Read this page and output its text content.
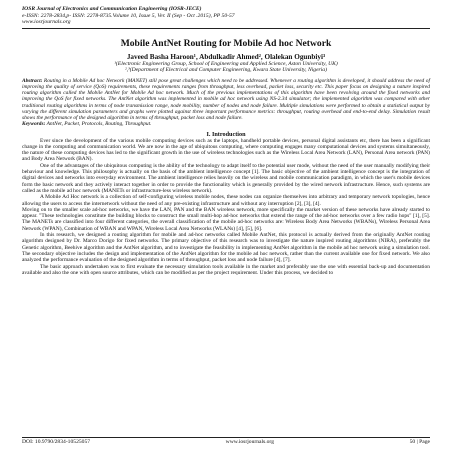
IOSR Journal of Electronics and Communication Engineering (IOSR-JECE)
e-ISSN: 2278-2834,p- ISSN: 2278-8735.Volume 10, Issue 5, Ver. II (Sep - Oct .2015), PP 50-57
www.iosrjournals.org
Mobile AntNet Routing for Mobile Ad hoc Network
Javeed Basha Haroon¹, Abdulkadir Ahmed², Olalekan Ogunbiyi³
¹(Electronic Engineering Group, School of Engineering and Applied Science, Aston University, UK)
²,³(Department of Electrical and Computer Engineering, Kwara State University, Nigeria)
Abstract: Routing in a Mobile Ad hoc Network (MANET) still pose great challenges which need to be addressed. Whenever a routing algorithm is developed, it should address the need of improving the quality of service (QoS) requirements, these requirements ranges from throughput, less overhead, packet loss, security etc. This paper focus on designing a nature inspired routing algorithm called the Mobile AntNet for Mobile Ad hoc network. Much of the previous implementations of this algorithm have been revolving around the fixed networks and improving the QoS for fixed networks. The AntNet algorithm was implemented in mobile ad hoc network using NS-2.34 simulator; the implemented algorithm was compared with other traditional routing algorithms in terms of node transmission range, node mobility, number of nodes and node failure. Multiple simulations were performed to obtain a statistical output by varying the different simulation parameters and graphs were plotted against three important performance metrics: throughput, routing overhead and end-to-end delay. Simulation result shows the performance of the designed algorithm in terms of throughput, packet loss and node failure.
Keywords: AntNet, Packet, Protocols, Routing, Throughput.
I. Introduction

Ever since the development of the various mobile computing devices such as the laptops, handheld portable devices, personal digital assistants etc, there has been a significant change in the computing and communication world. We are now in the age of ubiquitous computing, where computing engages many computational devices and systems simultaneously, the nature of these computing devices has led to the significant growth in the use of wireless technologies such as the Wireless Local Area Network (LAN), Personal Area network (PAN) and Body Area Network (BAN).

One of the advantages of the ubiquitous computing is the ability of the technology to adapt itself to the potential user mode, without the need of the user manually modifying their behaviour and knowledge. This philosophy is actually on the basis of the ambient intelligence concept [1]. The basic objective of the ambient intelligence concept is the integration of digital devices and networks into everyday environment. The ambient intelligence relies heavily on the wireless and mobile communication paradigm, in which the user's mobile devices form the basic network and they actively interact together in order to provide the functionality which is generally provided by the wired network infrastructure. Hence, such systems are called as the mobile ad hoc network (MANETs or infrastructure-less wireless network).

A Mobile Ad Hoc network is a collection of self-configuring wireless mobile nodes, these nodes can organize themselves into arbitrary and temporary network topologies, hence allowing the users to access the internetwork without the need of any pre-existing infrastructure and without any interruption [2], [3], [4].

Moving on to the smaller scale ad-hoc networks, we have the LAN, PAN and the BAN wireless network, more specifically the market version of these networks have already started to appear. "These technologies constitute the building blocks to construct the small multi-hop ad-hoc networks that extend the range of the ad-hoc networks over a few radio hops" [1], [5]. The MANETs are classified into four different categories, the overall classification of the mobile ad-hoc networks are: Wireless Body Area Networks (WBANs), Wireless Personal Area Network (WPAN), Combination of WBAN and WPAN, Wireless Local Area Networks (WLANs) [4], [5], [6].

In this research, we designed a routing algorithm for mobile and ad-hoc networks called Mobile AntNet, this protocol is actually derived from the originally AntNet routing algorithm designed by Dr. Marco Dorigo for fixed networks. The primary objective of this research was to investigate the nature inspired routing algorithms (NIRA), preferably the Genetic algorithm, Beehive algorithm and the AntNet algorithm, and to investigate the feasibility in implementing AntNet algorithm in the mobile ad hoc network using a simulation tool. The secondary objective includes the design and implementation of the AntNet algorithm for the mobile ad hoc network, rather than the current available one for fixed network. We also analyzed the performance evaluation of the designed algorithm in terms of throughput, packet loss and node failure [4], [7].

The basic approach undertaken was to first evaluate the necessary simulation tools available in the market and preferably use the one with essential back-up and documentation available and also the one with open source attributes, which can be modified as per the project requirement. Under this process, we decided to

DOI: 10.9790/2834-10525057	www.iosrjournals.org	50 | Page
